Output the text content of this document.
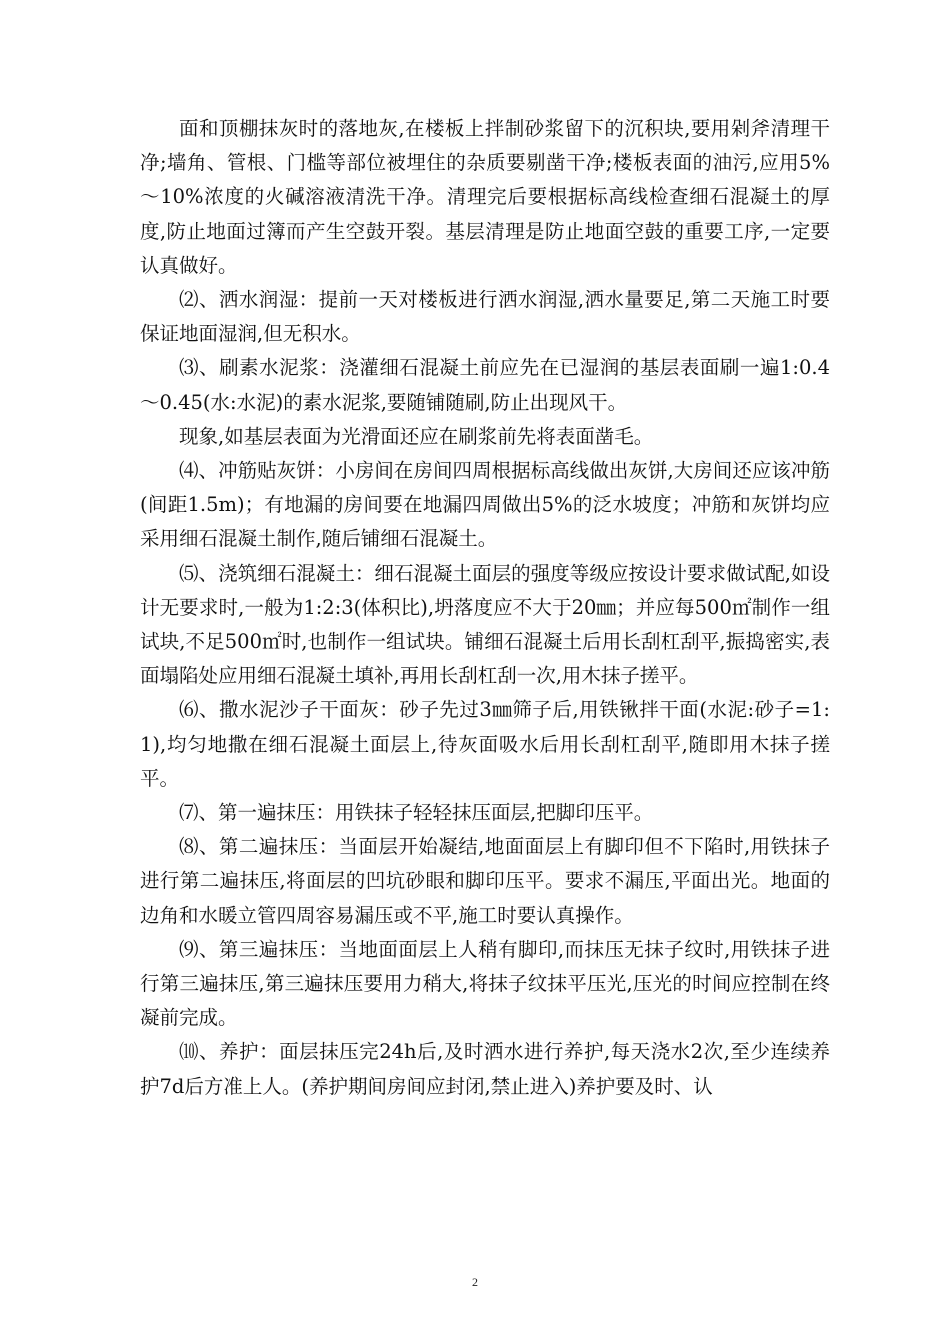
面和顶棚抹灰时的落地灰,在楼板上拌制砂浆留下的沉积块,要用剁斧清理干净;墙角、管根、门槛等部位被埋住的杂质要剔凿干净;楼板表面的油污,应用5%～10%浓度的火碱溶液清洗干净。清理完后要根据标高线检查细石混凝土的厚度,防止地面过簿而产生空鼓开裂。基层清理是防止地面空鼓的重要工序,一定要认真做好。

⑵、洒水润湿：提前一天对楼板进行洒水润湿,洒水量要足,第二天施工时要保证地面湿润,但无积水。

⑶、刷素水泥浆：浇灌细石混凝土前应先在已湿润的基层表面刷一遍1:0.4～0.45(水:水泥)的素水泥浆,要随铺随刷,防止出现风干。

现象,如基层表面为光滑面还应在刷浆前先将表面凿毛。

⑷、冲筋贴灰饼：小房间在房间四周根据标高线做出灰饼,大房间还应该冲筋(间距1.5m)；有地漏的房间要在地漏四周做出5%的泛水坡度；冲筋和灰饼均应采用细石混凝土制作,随后铺细石混凝土。

⑸、浇筑细石混凝土：细石混凝土面层的强度等级应按设计要求做试配,如设计无要求时,一般为1:2:3(体积比),坍落度应不大于20㎜；并应每500㎡制作一组试块,不足500㎡时,也制作一组试块。铺细石混凝土后用长刮杠刮平,振捣密实,表面塌陷处应用细石混凝土填补,再用长刮杠刮一次,用木抹子搓平。

⑹、撒水泥沙子干面灰：砂子先过3㎜筛子后,用铁锹拌干面(水泥:砂子=1:1),均匀地撒在细石混凝土面层上,待灰面吸水后用长刮杠刮平,随即用木抹子搓平。

⑺、第一遍抹压：用铁抹子轻轻抹压面层,把脚印压平。

⑻、第二遍抹压：当面层开始凝结,地面面层上有脚印但不下陷时,用铁抹子进行第二遍抹压,将面层的凹坑砂眼和脚印压平。要求不漏压,平面出光。地面的边角和水暖立管四周容易漏压或不平,施工时要认真操作。

⑼、第三遍抹压：当地面面层上人稍有脚印,而抹压无抹子纹时,用铁抹子进行第三遍抹压,第三遍抹压要用力稍大,将抹子纹抹平压光,压光的时间应控制在终凝前完成。

⑽、养护：面层抹压完24h后,及时洒水进行养护,每天浇水2次,至少连续养护7d后方准上人。(养护期间房间应封闭,禁止进入)养护要及时、认

2
